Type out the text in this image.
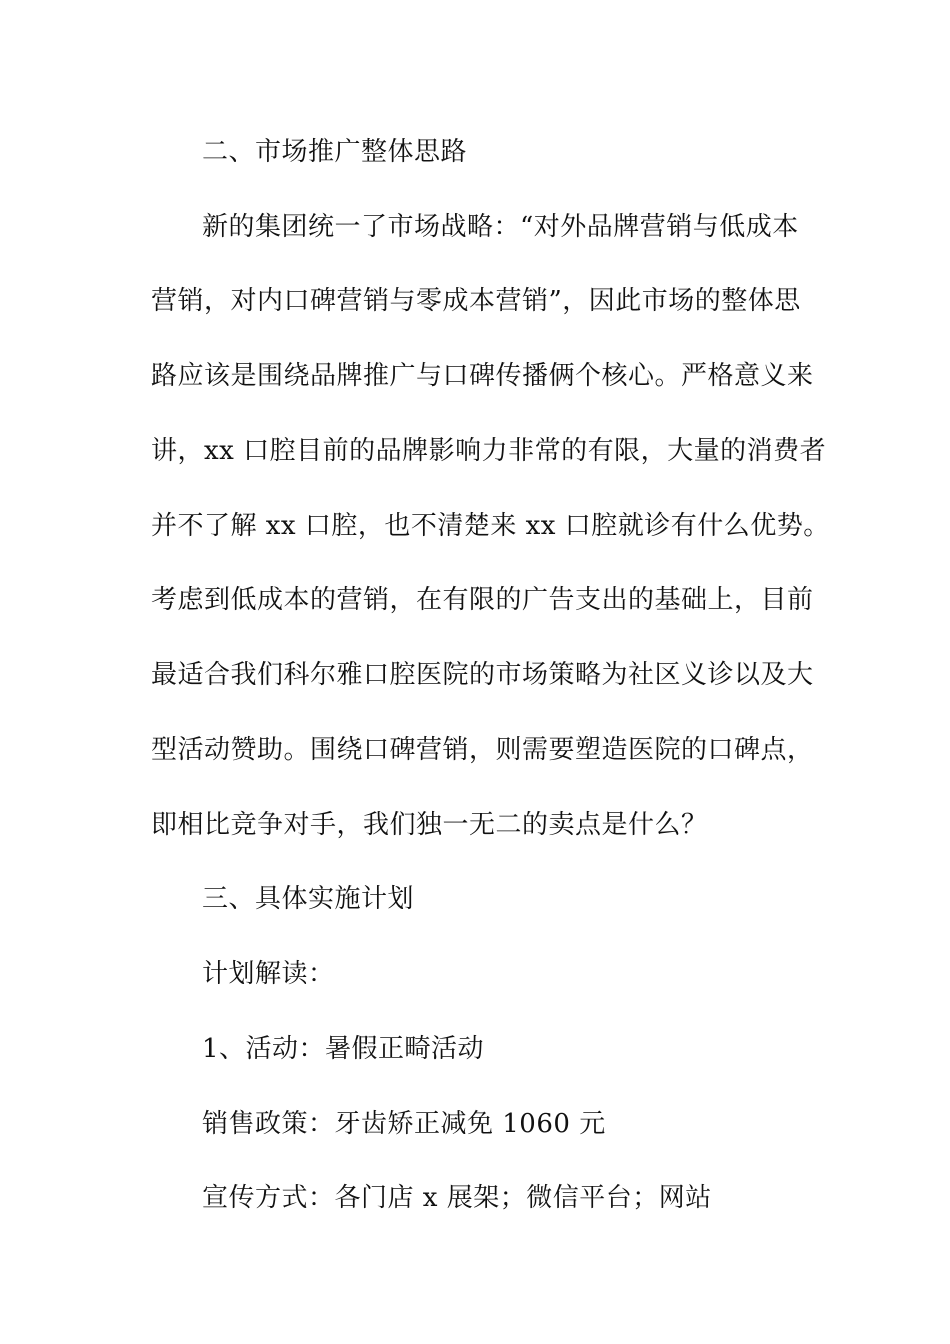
二、市场推广整体思路
新的集团统一了市场战略：“对外品牌营销与低成本
营销，对内口碑营销与零成本营销”，因此市场的整体思
路应该是围绕品牌推广与口碑传播俩个核心。严格意义来
讲，xx 口腔目前的品牌影响力非常的有限，大量的消费者
并不了解 xx 口腔，也不清楚来 xx 口腔就诊有什么优势。
考虑到低成本的营销，在有限的广告支出的基础上，目前
最适合我们科尔雅口腔医院的市场策略为社区义诊以及大
型活动赞助。围绕口碑营销，则需要塑造医院的口碑点，
即相比竞争对手，我们独一无二的卖点是什么？
三、具体实施计划
计划解读：
1、活动：暑假正畸活动
销售政策：牙齿矫正减免 1060 元
宣传方式：各门店 x 展架；微信平台；网站
